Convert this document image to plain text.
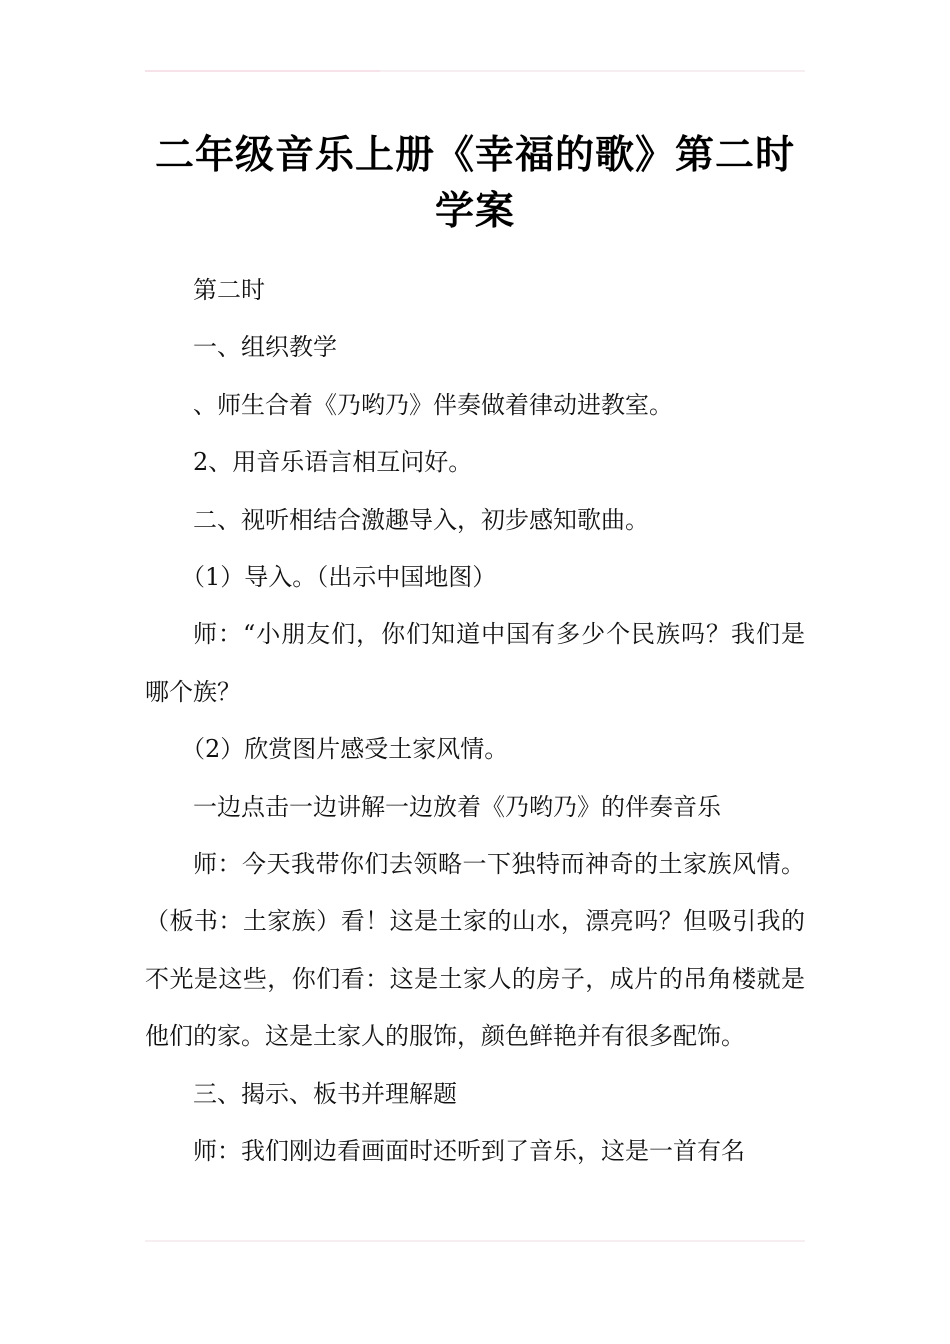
二年级音乐上册《幸福的歌》第二时学案

第二时

一、组织教学

、师生合着《乃哟乃》伴奏做着律动进教室。

2、用音乐语言相互问好。

二、视听相结合激趣导入，初步感知歌曲。

（1）导入。（出示中国地图）

师：“小朋友们，你们知道中国有多少个民族吗？我们是哪个族？

（2）欣赏图片感受土家风情。

一边点击一边讲解一边放着《乃哟乃》的伴奏音乐

师：今天我带你们去领略一下独特而神奇的土家族风情。（板书：土家族）看！这是土家的山水，漂亮吗？但吸引我的不光是这些，你们看：这是土家人的房子，成片的吊角楼就是他们的家。这是土家人的服饰，颜色鲜艳并有很多配饰。

三、揭示、板书并理解题

师：我们刚边看画面时还听到了音乐，这是一首有名
